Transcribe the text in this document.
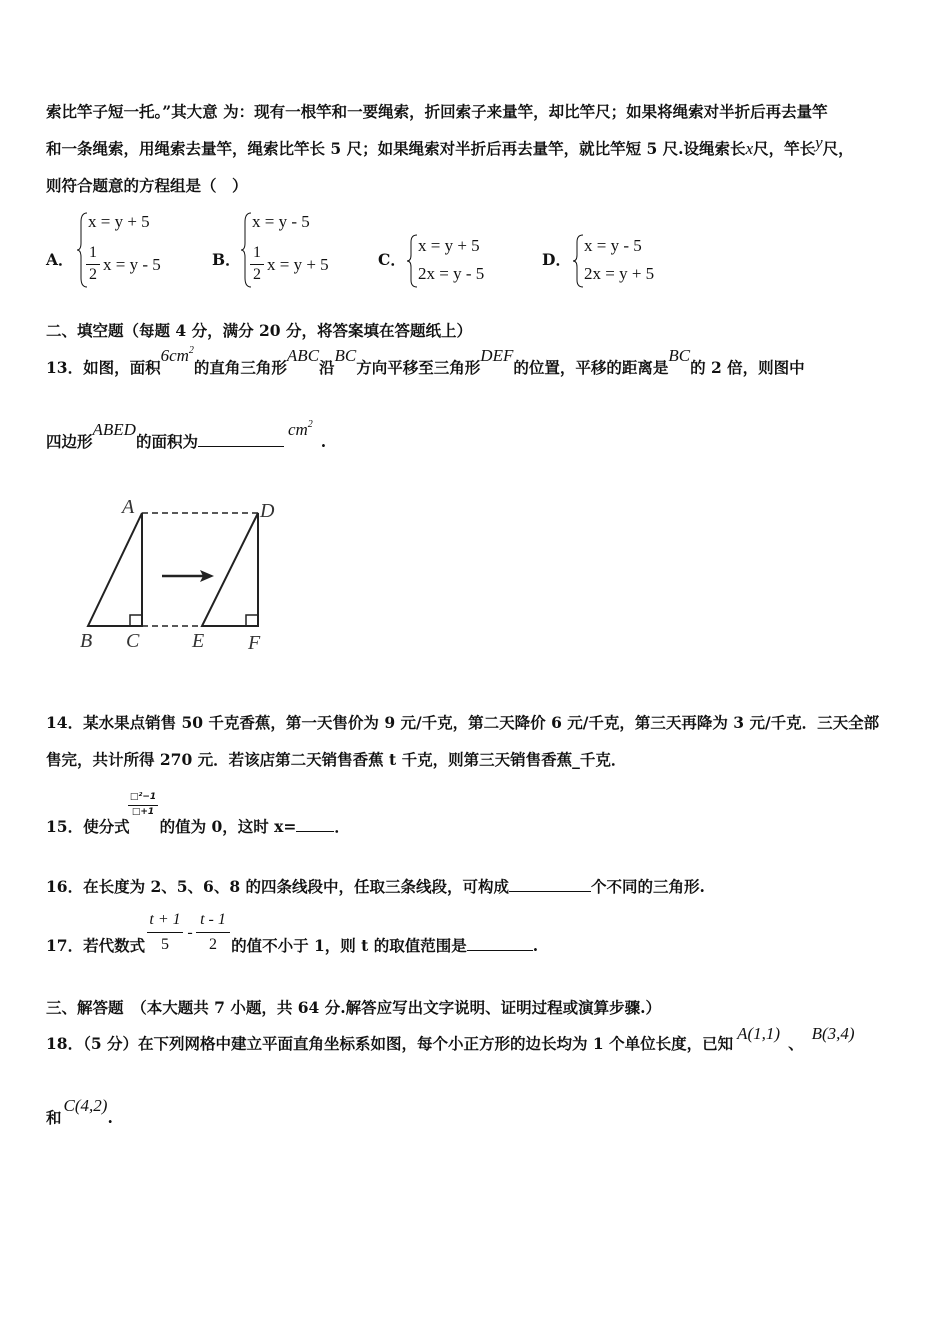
索比竿子短一托。”其大意 为：现有一根竿和一要绳索，折回索子来量竿，却比竿尺；如果将绳索对半折后再去量竿
和一条绳索，用绳索去量竿，绳索比竿长 5 尺；如果绳索对半折后再去量竿，就比竿短 5 尺.设绳索长x尺，竿长y尺，
则符合题意的方程组是（　）
A．
x = y + 5
1
2
x = y - 5	B．
x = y - 5
1
2
x = y + 5	C．
x = y + 5
2x = y - 5
D．
x = y - 5
2x = y + 5
二、填空题（每题 4 分，满分 20 分，将答案填在答题纸上）
13．如图，面积$6cm^2$的直角三角形ABC沿BC方向平移至三角形DEF的位置，平移的距离是BC的 2 倍，则图中
四边形ABED的面积为$cm^2$.
A
B C
D
E F
14．某水果点销售 50 千克香蕉，第一天售价为 9 元/千克，第二天降价 6 元/千克，第三天再降为 3 元/千克．三天全部
售完，共计所得 270 元．若该店第二天销售香蕉 t 千克，则第三天销售香蕉_千克．
15．使分式 的值为 0，这时 x= ．
□²−1
□+1
16．在长度为 2、5、6、8 的四条线段中，任取三条线段，可构成	个不同的三角形.
17．若代数式	的值不小于 1，则 t 的取值范围是	.
t + 1
5
-
t - 1
2
三、解答题　（本大题共 7 小题，共 64 分.解答应写出文字说明、证明过程或演算步骤.）
18．（5 分）在下列网格中建立平面直角坐标系如图，每个小正方形的边长均为 1 个单位长度，已知A(1,1)、B(3,4)
和C(4,2).
